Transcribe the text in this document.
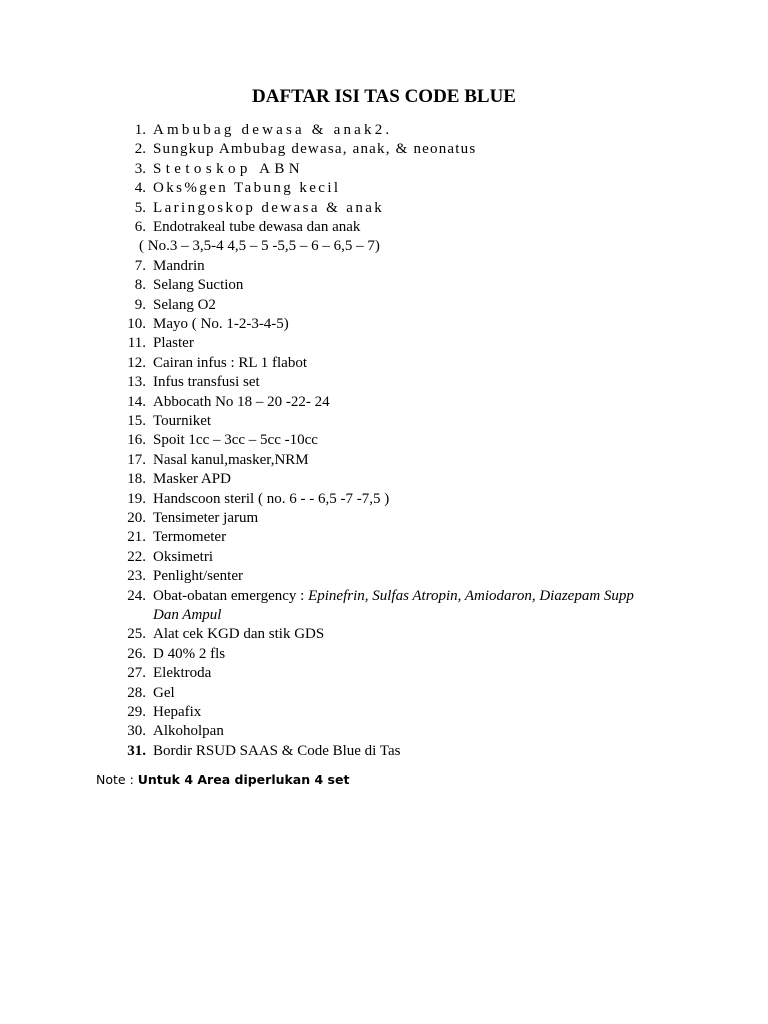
DAFTAR ISI TAS CODE BLUE
1. Ambubag dewasa & anak2.
2. Sungkup Ambubag dewasa, anak, & neonatus
3. Stetoskop ABN
4. Oks%gen Tabung kecil
5. Laringoskop dewasa & anak
6. Endotrakeal tube dewasa dan anak
( No.3 – 3,5-4 4,5 – 5 -5,5 – 6 – 6,5 – 7)
7. Mandrin
8. Selang Suction
9. Selang O2
10. Mayo ( No. 1-2-3-4-5)
11. Plaster
12. Cairan infus : RL 1 flabot
13. Infus transfusi set
14. Abbocath No 18 – 20 -22- 24
15. Tourniket
16. Spoit 1cc – 3cc – 5cc -10cc
17. Nasal kanul,masker,NRM
18. Masker APD
19. Handscoon steril ( no. 6 - - 6,5 -7 -7,5 )
20. Tensimeter jarum
21. Termometer
22. Oksimetri
23. Penlight/senter
24. Obat-obatan emergency : Epinefrin, Sulfas Atropin, Amiodaron, Diazepam Supp
Dan Ampul
25. Alat cek KGD dan stik GDS
26. D 40% 2 fls
27. Elektroda
28. Gel
29. Hepafix
30. Alkoholpan
31. Bordir RSUD SAAS & Code Blue di Tas
Note : Untuk 4 Area diperlukan 4 set
